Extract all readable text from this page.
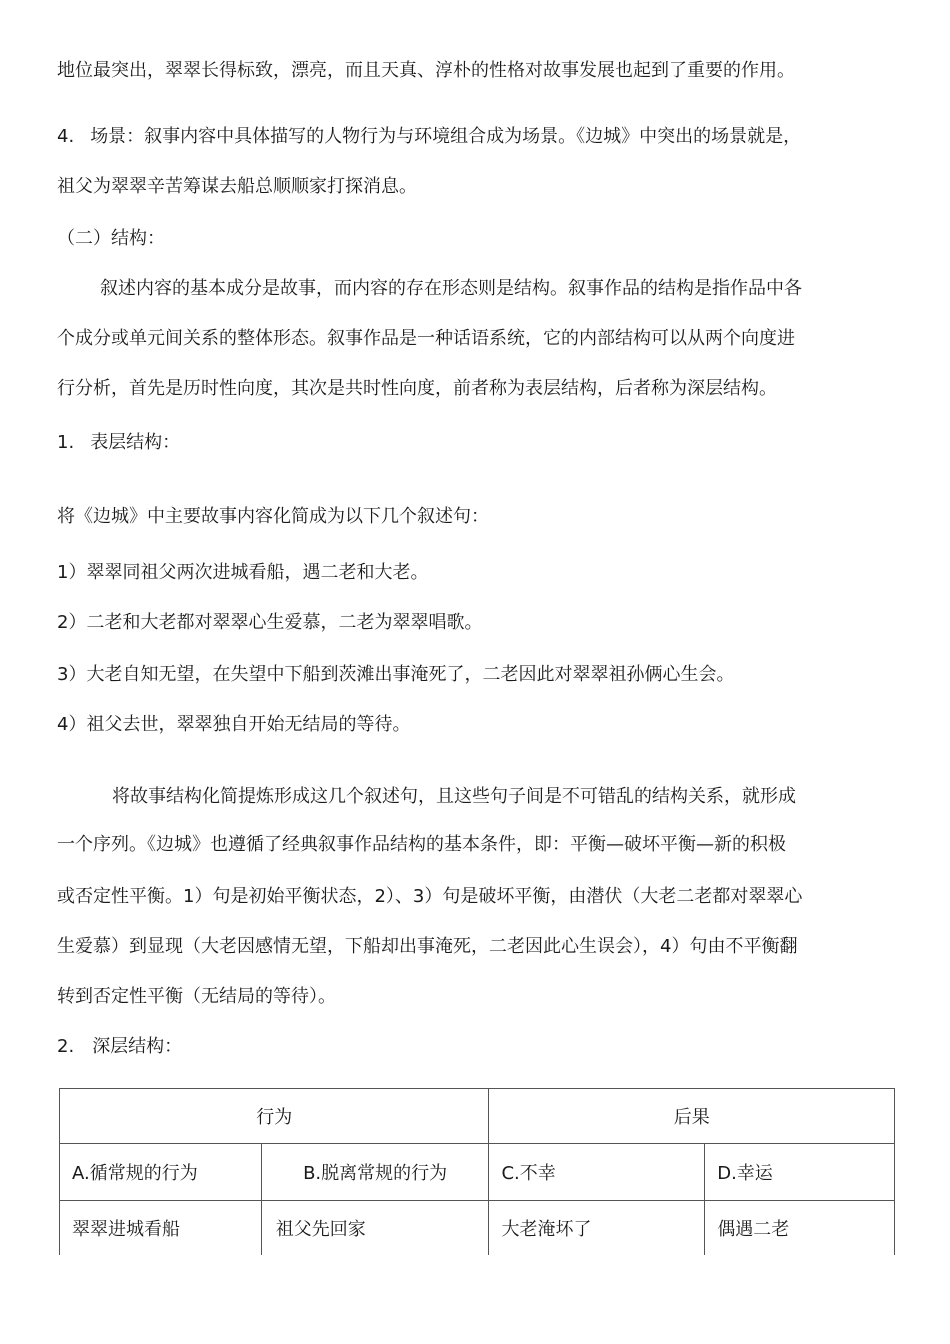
地位最突出，翠翠长得标致，漂亮，而且天真、淳朴的性格对故事发展也起到了重要的作用。

4. 场景：叙事内容中具体描写的人物行为与环境组合成为场景。《边城》中突出的场景就是，

祖父为翠翠辛苦筹谋去船总顺顺家打探消息。

（二）结构：

叙述内容的基本成分是故事，而内容的存在形态则是结构。叙事作品的结构是指作品中各

个成分或单元间关系的整体形态。叙事作品是一种话语系统，它的内部结构可以从两个向度进

行分析，首先是历时性向度，其次是共时性向度，前者称为表层结构，后者称为深层结构。

1. 表层结构：

将《边城》中主要故事内容化简成为以下几个叙述句：

1）翠翠同祖父两次进城看船，遇二老和大老。

2）二老和大老都对翠翠心生爱慕，二老为翠翠唱歌。

3）大老自知无望，在失望中下船到茨滩出事淹死了，二老因此对翠翠祖孙俩心生会。

4）祖父去世，翠翠独自开始无结局的等待。

将故事结构化简提炼形成这几个叙述句，且这些句子间是不可错乱的结构关系，就形成

一个序列。《边城》也遵循了经典叙事作品结构的基本条件，即：平衡—破坏平衡—新的积极

或否定性平衡。1）句是初始平衡状态，2）、3）句是破坏平衡，由潜伏（大老二老都对翠翠心

生爱慕）到显现（大老因感情无望，下船却出事淹死，二老因此心生误会），4）句由不平衡翻

转到否定性平衡（无结局的等待）。

2. 深层结构：

行为		后果	
A.循常规的行为	B.脱离常规的行为	C.不幸	D.幸运
翠翠进城看船	祖父先回家	大老淹坏了	偶遇二老
